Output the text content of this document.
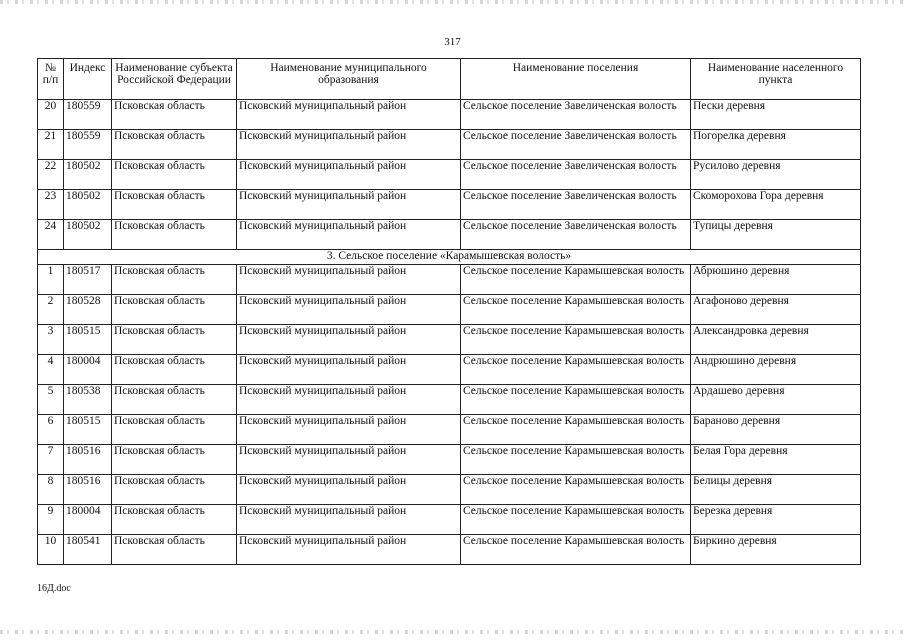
317
№ п/п	Индекс	Наименование субъекта Российской Федерации	Наименование муниципального образования	Наименование поселения	Наименование населенного пункта
20	180559	Псковская область	Псковский муниципальный район	Сельское поселение Завеличенская волость	Пески деревня
21	180559	Псковская область	Псковский муниципальный район	Сельское поселение Завеличенская волость	Погорелка деревня
22	180502	Псковская область	Псковский муниципальный район	Сельское поселение Завеличенская волость	Русилово деревня
23	180502	Псковская область	Псковский муниципальный район	Сельское поселение Завеличенская волость	Скоморохова Гора деревня
24	180502	Псковская область	Псковский муниципальный район	Сельское поселение Завеличенская волость	Тупицы деревня
3. Сельское поселение «Карамышевская волость»					
1	180517	Псковская область	Псковский муниципальный район	Сельское поселение Карамышевская волость	Абрюшино деревня
2	180528	Псковская область	Псковский муниципальный район	Сельское поселение Карамышевская волость	Агафоново деревня
3	180515	Псковская область	Псковский муниципальный район	Сельское поселение Карамышевская волость	Александровка деревня
4	180004	Псковская область	Псковский муниципальный район	Сельское поселение Карамышевская волость	Андрюшино деревня
5	180538	Псковская область	Псковский муниципальный район	Сельское поселение Карамышевская волость	Ардашево деревня
6	180515	Псковская область	Псковский муниципальный район	Сельское поселение Карамышевская волость	Бараново деревня
7	180516	Псковская область	Псковский муниципальный район	Сельское поселение Карамышевская волость	Белая Гора деревня
8	180516	Псковская область	Псковский муниципальный район	Сельское поселение Карамышевская волость	Белицы деревня
9	180004	Псковская область	Псковский муниципальный район	Сельское поселение Карамышевская волость	Березка деревня
10	180541	Псковская область	Псковский муниципальный район	Сельское поселение Карамышевская волость	Биркино деревня
16Д.doc
